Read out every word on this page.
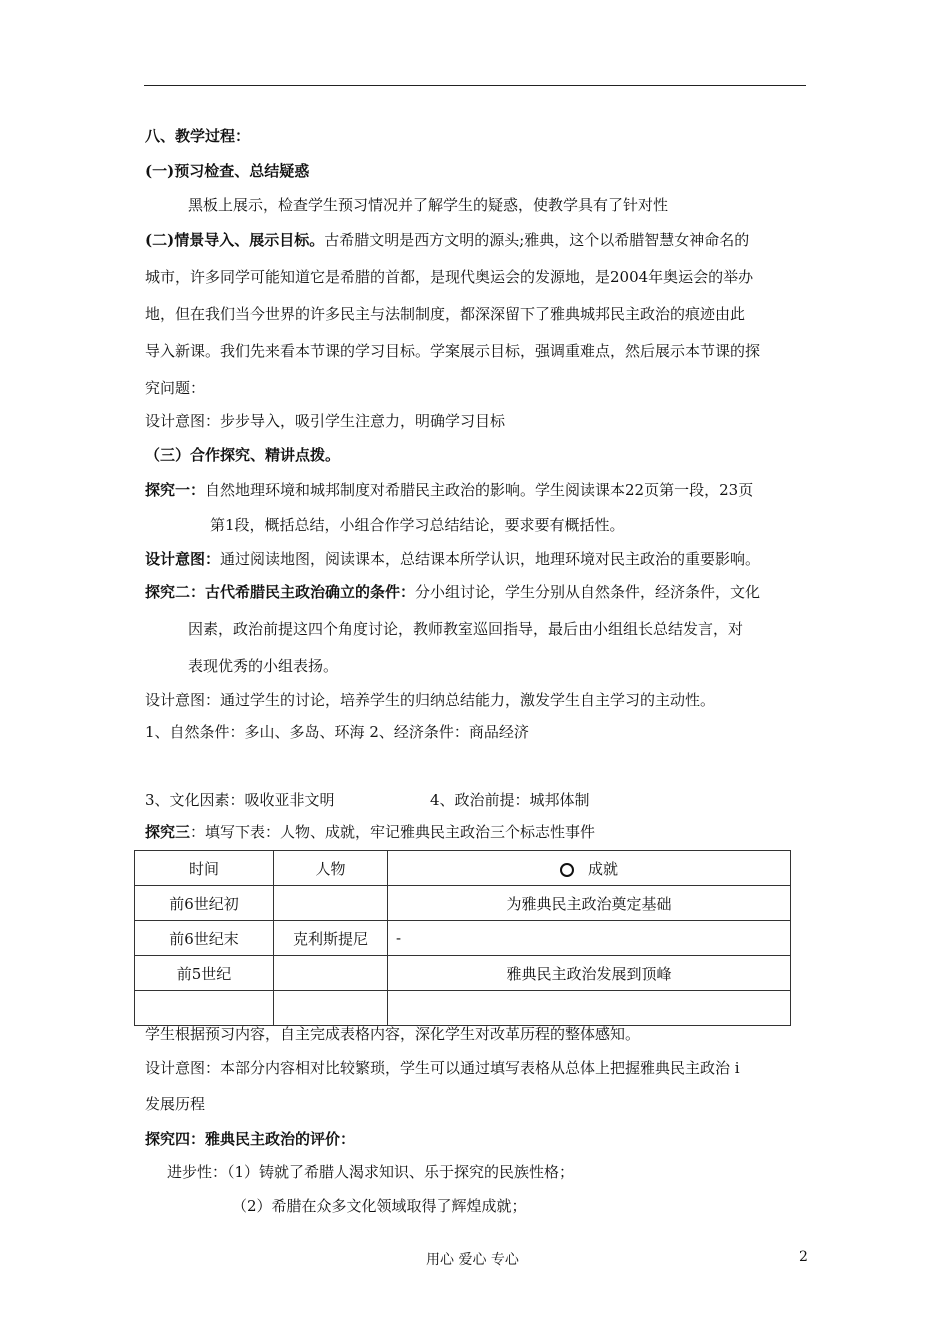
八、教学过程：
(一)预习检查、总结疑惑
黑板上展示，检查学生预习情况并了解学生的疑惑，使教学具有了针对性
(二)情景导入、展示目标。古希腊文明是西方文明的源头;雅典，这个以希腊智慧女神命名的
城市，许多同学可能知道它是希腊的首都，是现代奥运会的发源地，是2004年奥运会的举办
地，但在我们当今世界的许多民主与法制制度，都深深留下了雅典城邦民主政治的痕迹由此
导入新课。我们先来看本节课的学习目标。学案展示目标，强调重难点，然后展示本节课的探
究问题：
设计意图：步步导入，吸引学生注意力，明确学习目标
（三）合作探究、精讲点拨。
探究一：自然地理环境和城邦制度对希腊民主政治的影响。学生阅读课本22页第一段，23页
第1段，概括总结，小组合作学习总结结论，要求要有概括性。
设计意图：通过阅读地图，阅读课本，总结课本所学认识，地理环境对民主政治的重要影响。
探究二：古代希腊民主政治确立的条件：分小组讨论，学生分别从自然条件，经济条件，文化
因素，政治前提这四个角度讨论，教师教室巡回指导，最后由小组组长总结发言，对
表现优秀的小组表扬。
设计意图：通过学生的讨论，培养学生的归纳总结能力，激发学生自主学习的主动性。
1、自然条件：多山、多岛、环海 2、经济条件：商品经济
3、文化因素：吸收亚非文明	4、政治前提：城邦体制
探究三：填写下表：人物、成就，牢记雅典民主政治三个标志性事件
时间	人物	成就
前6世纪初		为雅典民主政治奠定基础
前6世纪末	克利斯提尼	-
前5世纪		雅典民主政治发展到顶峰

学生根据预习内容，自主完成表格内容，深化学生对改革历程的整体感知。
设计意图：本部分内容相对比较繁琐，学生可以通过填写表格从总体上把握雅典民主政治 i
发展历程
探究四：雅典民主政治的评价：
进步性：（1）铸就了希腊人渴求知识、乐于探究的民族性格；
（2）希腊在众多文化领域取得了辉煌成就；
用心 爱心 专心	2
